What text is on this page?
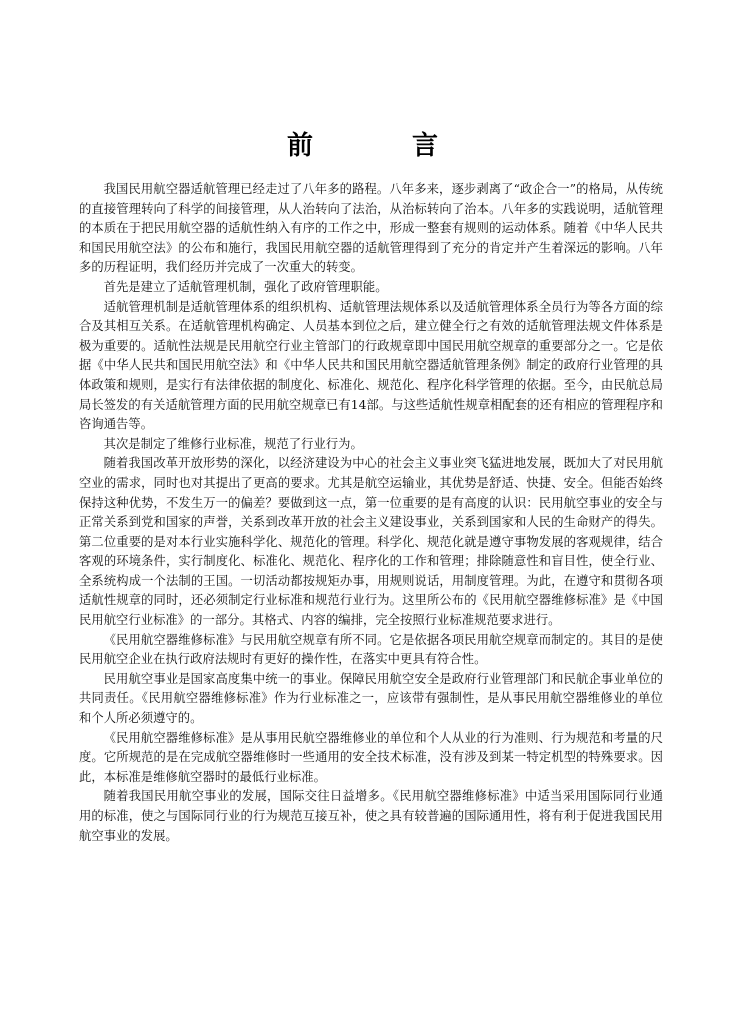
前	言

我国民用航空器适航管理已经走过了八年多的路程。八年多来，逐步剥离了“政企合一”的格局，从传统的直接管理转向了科学的间接管理，从人治转向了法治，从治标转向了治本。八年多的实践说明，适航管理的本质在于把民用航空器的适航性纳入有序的工作之中，形成一整套有规则的运动体系。随着《中华人民共和国民用航空法》的公布和施行，我国民用航空器的适航管理得到了充分的肯定并产生着深远的影响。八年多的历程证明，我们经历并完成了一次重大的转变。

首先是建立了适航管理机制，强化了政府管理职能。

适航管理机制是适航管理体系的组织机构、适航管理法规体系以及适航管理体系全员行为等各方面的综合及其相互关系。在适航管理机构确定、人员基本到位之后，建立健全行之有效的适航管理法规文件体系是极为重要的。适航性法规是民用航空行业主管部门的行政规章即中国民用航空规章的重要部分之一。它是依据《中华人民共和国民用航空法》和《中华人民共和国民用航空器适航管理条例》制定的政府行业管理的具体政策和规则，是实行有法律依据的制度化、标准化、规范化、程序化科学管理的依据。至今，由民航总局局长签发的有关适航管理方面的民用航空规章已有14部。与这些适航性规章相配套的还有相应的管理程序和咨询通告等。

其次是制定了维修行业标准，规范了行业行为。

随着我国改革开放形势的深化，以经济建设为中心的社会主义事业突飞猛进地发展，既加大了对民用航空业的需求，同时也对其提出了更高的要求。尤其是航空运输业，其优势是舒适、快捷、安全。但能否始终保持这种优势，不发生万一的偏差？要做到这一点，第一位重要的是有高度的认识：民用航空事业的安全与正常关系到党和国家的声誉，关系到改革开放的社会主义建设事业，关系到国家和人民的生命财产的得失。第二位重要的是对本行业实施科学化、规范化的管理。科学化、规范化就是遵守事物发展的客观规律，结合客观的环境条件，实行制度化、标准化、规范化、程序化的工作和管理；排除随意性和盲目性，使全行业、全系统构成一个法制的王国。一切活动都按规矩办事，用规则说话，用制度管理。为此，在遵守和贯彻各项适航性规章的同时，还必须制定行业标准和规范行业行为。这里所公布的《民用航空器维修标准》是《中国民用航空行业标准》的一部分。其格式、内容的编排，完全按照行业标准规范要求进行。

《民用航空器维修标准》与民用航空规章有所不同。它是依据各项民用航空规章而制定的。其目的是使民用航空企业在执行政府法规时有更好的操作性，在落实中更具有符合性。

民用航空事业是国家高度集中统一的事业。保障民用航空安全是政府行业管理部门和民航企事业单位的共同责任。《民用航空器维修标准》作为行业标准之一，应该带有强制性，是从事民用航空器维修业的单位和个人所必须遵守的。

《民用航空器维修标准》是从事用民航空器维修业的单位和个人从业的行为准则、行为规范和考量的尺度。它所规范的是在完成航空器维修时一些通用的安全技术标准，没有涉及到某一特定机型的特殊要求。因此，本标准是维修航空器时的最低行业标准。

随着我国民用航空事业的发展，国际交往日益增多。《民用航空器维修标准》中适当采用国际同行业通用的标准，使之与国际同行业的行为规范互接互补，使之具有较普遍的国际通用性，将有利于促进我国民用航空事业的发展。
